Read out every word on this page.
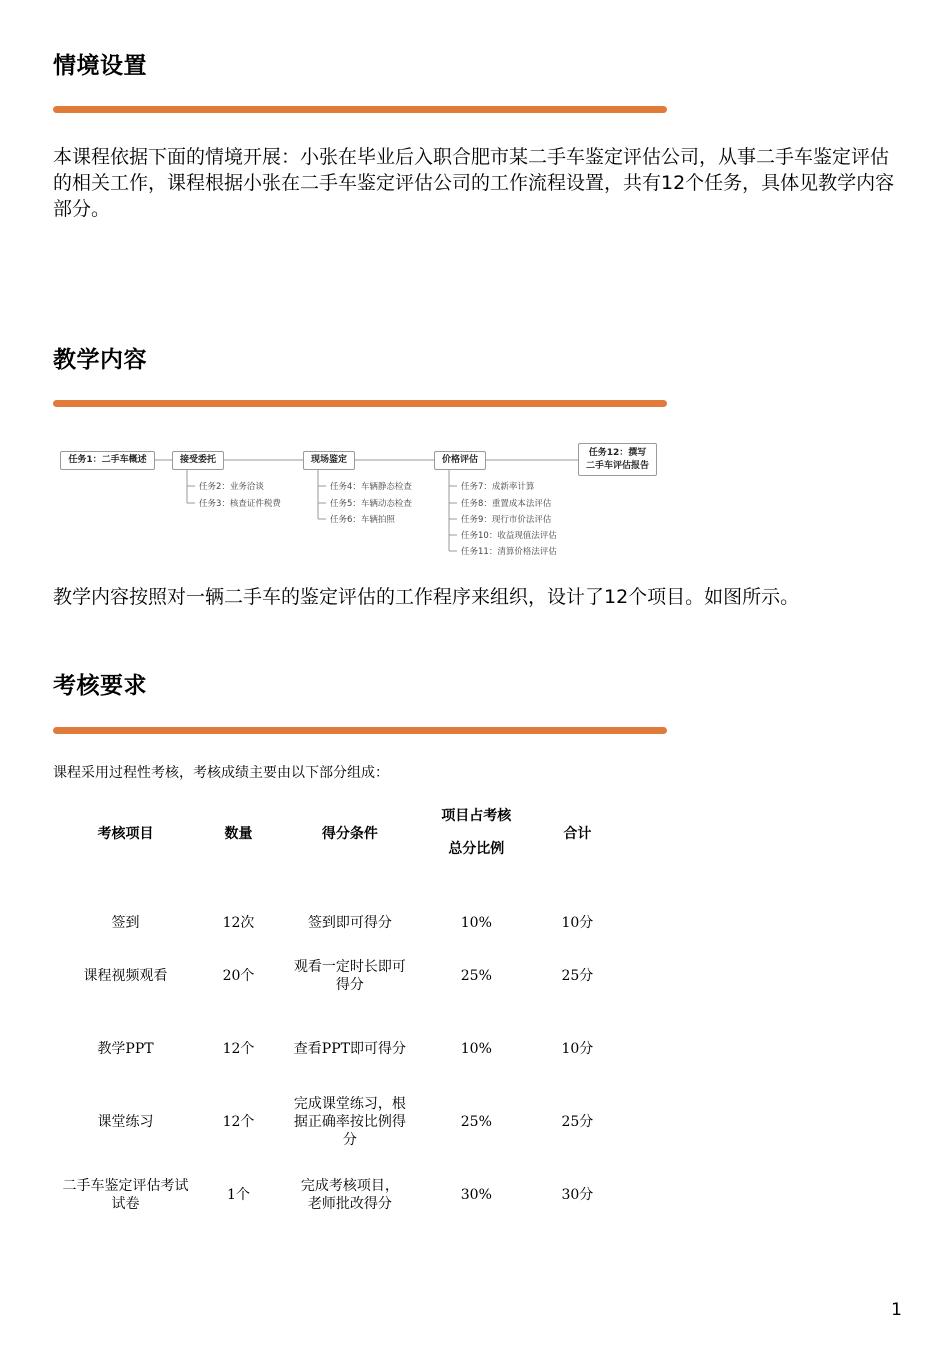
情境设置
本课程依据下面的情境开展：小张在毕业后入职合肥市某二手车鉴定评估公司，从事二手车鉴定评估的相关工作，课程根据小张在二手车鉴定评估公司的工作流程设置，共有12个任务，具体见教学内容部分。
教学内容
任务1：二手车概述	接受委托	现场鉴定	价格评估
任务12：撰写
二手车评估报告
任务2：业务洽谈
任务3：核查证件税费
任务4：车辆静态检查
任务5：车辆动态检查
任务6：车辆拍照
任务7：成新率计算
任务8：重置成本法评估
任务9：现行市价法评估
任务10：收益现值法评估
任务11：清算价格法评估
教学内容按照对一辆二手车的鉴定评估的工作程序来组织，设计了12个项目。如图所示。
考核要求
课程采用过程性考核，考核成绩主要由以下部分组成：
考核项目	数量	得分条件	项目占考核
总分比例	合计
签到	12次	签到即可得分	10%	10分
课程视频观看	20个	观看一定时长即可得分	25%	25分
教学PPT	12个	查看PPT即可得分	10%	10分
课堂练习	12个	完成课堂练习，根据正确率按比例得分	25%	25分
二手车鉴定评估考试试卷	1个	完成考核项目，老师批改得分	30%	30分
1
